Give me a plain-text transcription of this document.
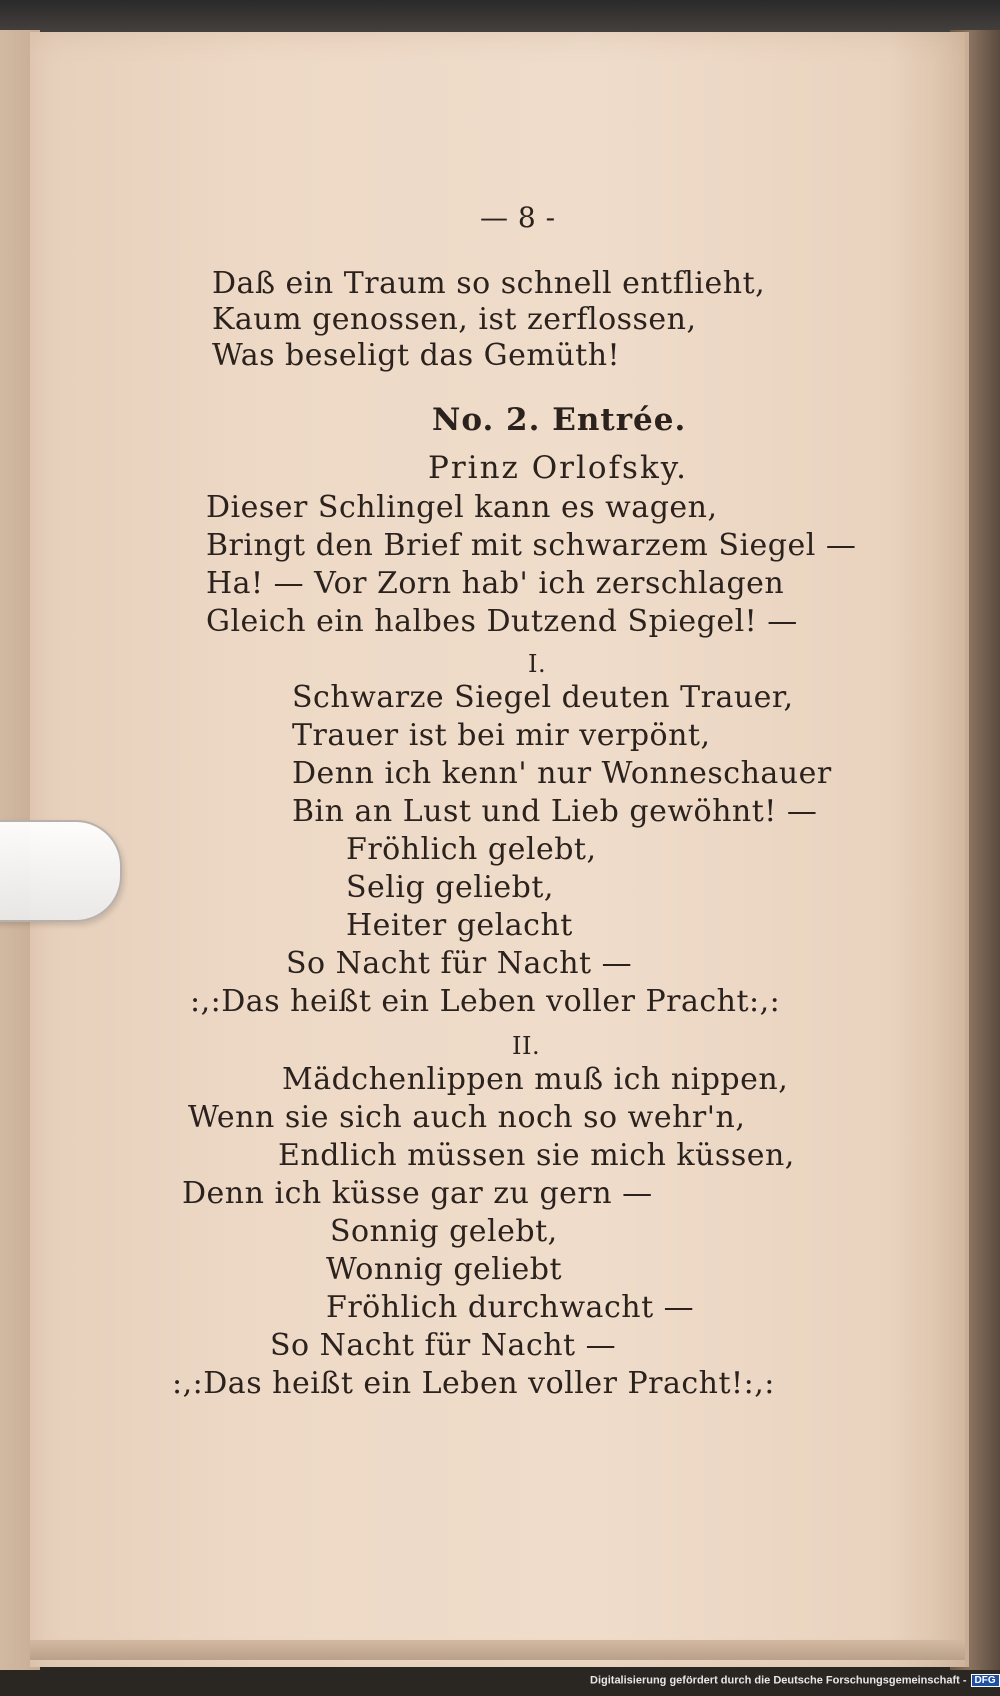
— 8 -
Daß ein Traum so schnell entflieht,
Kaum genossen, ist zerflossen,
Was beseligt das Gemüth!
No. 2. Entrée.
Prinz Orlofsky.
Dieser Schlingel kann es wagen,
Bringt den Brief mit schwarzem Siegel —
Ha! — Vor Zorn hab' ich zerschlagen
Gleich ein halbes Dutzend Spiegel! —
I.
Schwarze Siegel deuten Trauer,
Trauer ist bei mir verpönt,
Denn ich kenn' nur Wonneschauer
Bin an Lust und Lieb gewöhnt! —
Fröhlich gelebt,
Selig geliebt,
Heiter gelacht
So Nacht für Nacht —
:,:Das heißt ein Leben voller Pracht:,:
II.
Mädchenlippen muß ich nippen,
Wenn sie sich auch noch so wehr'n,
Endlich müssen sie mich küssen,
Denn ich küsse gar zu gern —
Sonnig gelebt,
Wonnig geliebt
Fröhlich durchwacht —
So Nacht für Nacht —
:,:Das heißt ein Leben voller Pracht!:,:
Digitalisierung gefördert durch die Deutsche Forschungsgemeinschaft - DFG
